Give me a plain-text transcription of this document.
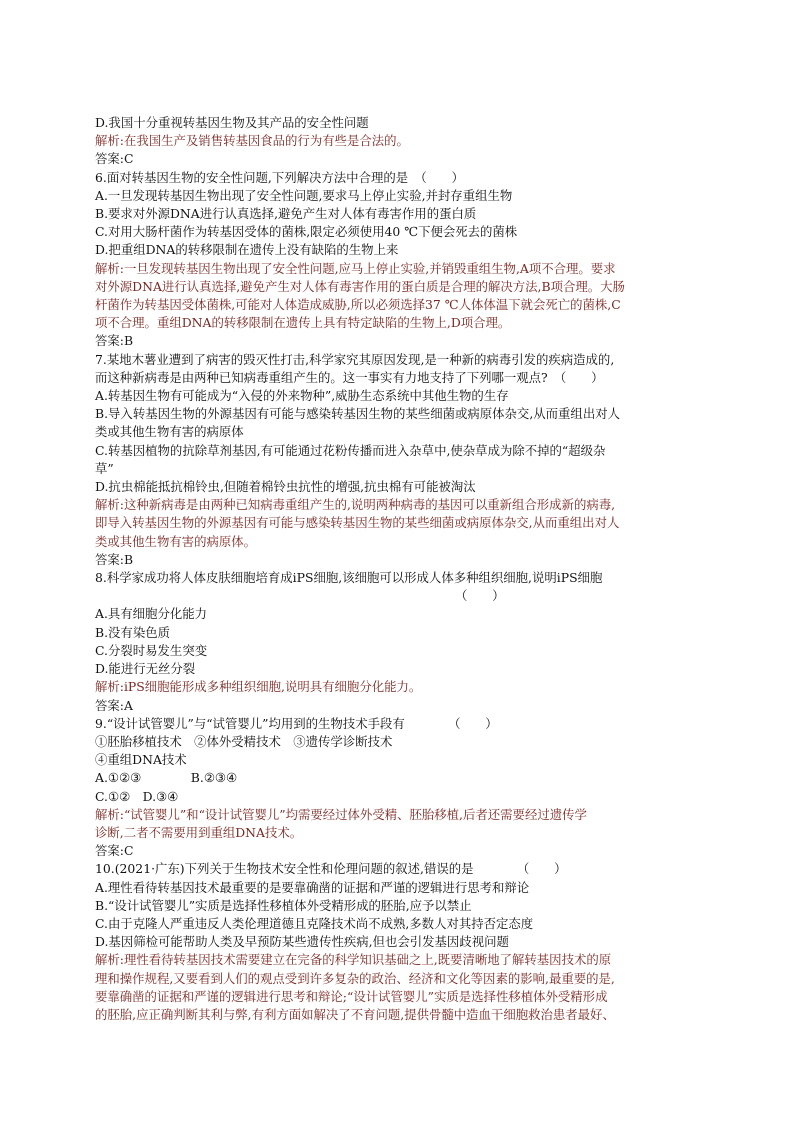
D.我国十分重视转基因生物及其产品的安全性问题
解析:在我国生产及销售转基因食品的行为有些是合法的。
答案:C
6.面对转基因生物的安全性问题,下列解决方法中合理的是　（　　）
A.一旦发现转基因生物出现了安全性问题,要求马上停止实验,并封存重组生物
B.要求对外源DNA进行认真选择,避免产生对人体有毒害作用的蛋白质
C.对用大肠杆菌作为转基因受体的菌株,限定必须使用40 ℃下便会死去的菌株
D.把重组DNA的转移限制在遗传上没有缺陷的生物上来
解析:一旦发现转基因生物出现了安全性问题,应马上停止实验,并销毁重组生物,A项不合理。要求
对外源DNA进行认真选择,避免产生对人体有毒害作用的蛋白质是合理的解决方法,B项合理。大肠
杆菌作为转基因受体菌株,可能对人体造成威胁,所以必须选择37 ℃人体体温下就会死亡的菌株,C
项不合理。重组DNA的转移限制在遗传上具有特定缺陷的生物上,D项合理。
答案:B
7.某地木薯业遭到了病害的毁灭性打击,科学家究其原因发现,是一种新的病毒引发的疾病造成的,
而这种新病毒是由两种已知病毒重组产生的。这一事实有力地支持了下列哪一观点?　（　　）
A.转基因生物有可能成为“入侵的外来物种”,威胁生态系统中其他生物的生存
B.导入转基因生物的外源基因有可能与感染转基因生物的某些细菌或病原体杂交,从而重组出对人
类或其他生物有害的病原体
C.转基因植物的抗除草剂基因,有可能通过花粉传播而进入杂草中,使杂草成为除不掉的“超级杂
草”
D.抗虫棉能抵抗棉铃虫,但随着棉铃虫抗性的增强,抗虫棉有可能被淘汰
解析:这种新病毒是由两种已知病毒重组产生的,说明两种病毒的基因可以重新组合形成新的病毒,
即导入转基因生物的外源基因有可能与感染转基因生物的某些细菌或病原体杂交,从而重组出对人
类或其他生物有害的病原体。
答案:B
8.科学家成功将人体皮肤细胞培育成iPS细胞,该细胞可以形成人体多种组织细胞,说明iPS细胞
（　　）
A.具有细胞分化能力
B.没有染色质
C.分裂时易发生突变
D.能进行无丝分裂
解析:iPS细胞能形成多种组织细胞,说明具有细胞分化能力。
答案:A
9.“设计试管婴儿”与“试管婴儿”均用到的生物技术手段有　　　　（　　）
①胚胎移植技术　②体外受精技术　③遗传学诊断技术
④重组DNA技术
A.①②③　　　　B.②③④
C.①②　D.③④
解析:“试管婴儿”和“设计试管婴儿”均需要经过体外受精、胚胎移植,后者还需要经过遗传学
诊断,二者不需要用到重组DNA技术。
答案:C
10.(2021·广东)下列关于生物技术安全性和伦理问题的叙述,错误的是　　　　（　　）
A.理性看待转基因技术最重要的是要靠确凿的证据和严谨的逻辑进行思考和辩论
B.“设计试管婴儿”实质是选择性移植体外受精形成的胚胎,应予以禁止
C.由于克隆人严重违反人类伦理道德且克隆技术尚不成熟,多数人对其持否定态度
D.基因筛检可能帮助人类及早预防某些遗传性疾病,但也会引发基因歧视问题
解析:理性看待转基因技术需要建立在完备的科学知识基础之上,既要清晰地了解转基因技术的原
理和操作规程,又要看到人们的观点受到许多复杂的政治、经济和文化等因素的影响,最重要的是,
要靠确凿的证据和严谨的逻辑进行思考和辩论;“设计试管婴儿”实质是选择性移植体外受精形成
的胚胎,应正确判断其利与弊,有利方面如解决了不育问题,提供骨髓中造血干细胞救治患者最好、
